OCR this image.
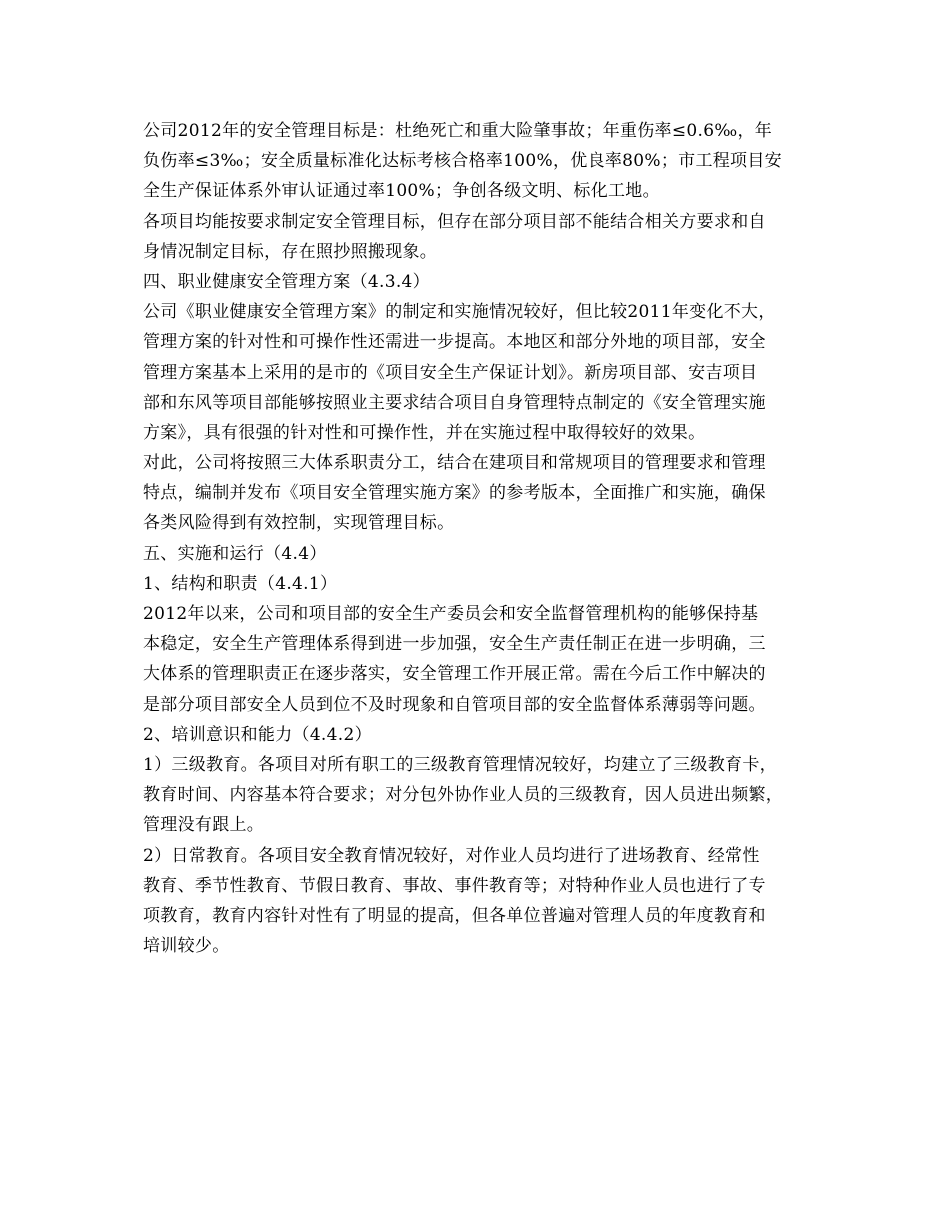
公司2012年的安全管理目标是：杜绝死亡和重大险肇事故；年重伤率≤0.6‰，年
负伤率≤3‰；安全质量标准化达标考核合格率100%，优良率80%；市工程项目安
全生产保证体系外审认证通过率100%；争创各级文明、标化工地。
各项目均能按要求制定安全管理目标，但存在部分项目部不能结合相关方要求和自
身情况制定目标，存在照抄照搬现象。
四、职业健康安全管理方案（4.3.4）
公司《职业健康安全管理方案》的制定和实施情况较好，但比较2011年变化不大，
管理方案的针对性和可操作性还需进一步提高。本地区和部分外地的项目部，安全
管理方案基本上采用的是市的《项目安全生产保证计划》。新房项目部、安吉项目
部和东风等项目部能够按照业主要求结合项目自身管理特点制定的《安全管理实施
方案》，具有很强的针对性和可操作性，并在实施过程中取得较好的效果。
对此，公司将按照三大体系职责分工，结合在建项目和常规项目的管理要求和管理
特点，编制并发布《项目安全管理实施方案》的参考版本，全面推广和实施，确保
各类风险得到有效控制，实现管理目标。
五、实施和运行（4.4）
1、结构和职责（4.4.1）
2012年以来，公司和项目部的安全生产委员会和安全监督管理机构的能够保持基
本稳定，安全生产管理体系得到进一步加强，安全生产责任制正在进一步明确，三
大体系的管理职责正在逐步落实，安全管理工作开展正常。需在今后工作中解决的
是部分项目部安全人员到位不及时现象和自管项目部的安全监督体系薄弱等问题。
2、培训意识和能力（4.4.2）
1）三级教育。各项目对所有职工的三级教育管理情况较好，均建立了三级教育卡，
教育时间、内容基本符合要求；对分包外协作业人员的三级教育，因人员进出频繁，
管理没有跟上。
2）日常教育。各项目安全教育情况较好，对作业人员均进行了进场教育、经常性
教育、季节性教育、节假日教育、事故、事件教育等；对特种作业人员也进行了专
项教育，教育内容针对性有了明显的提高，但各单位普遍对管理人员的年度教育和
培训较少。
